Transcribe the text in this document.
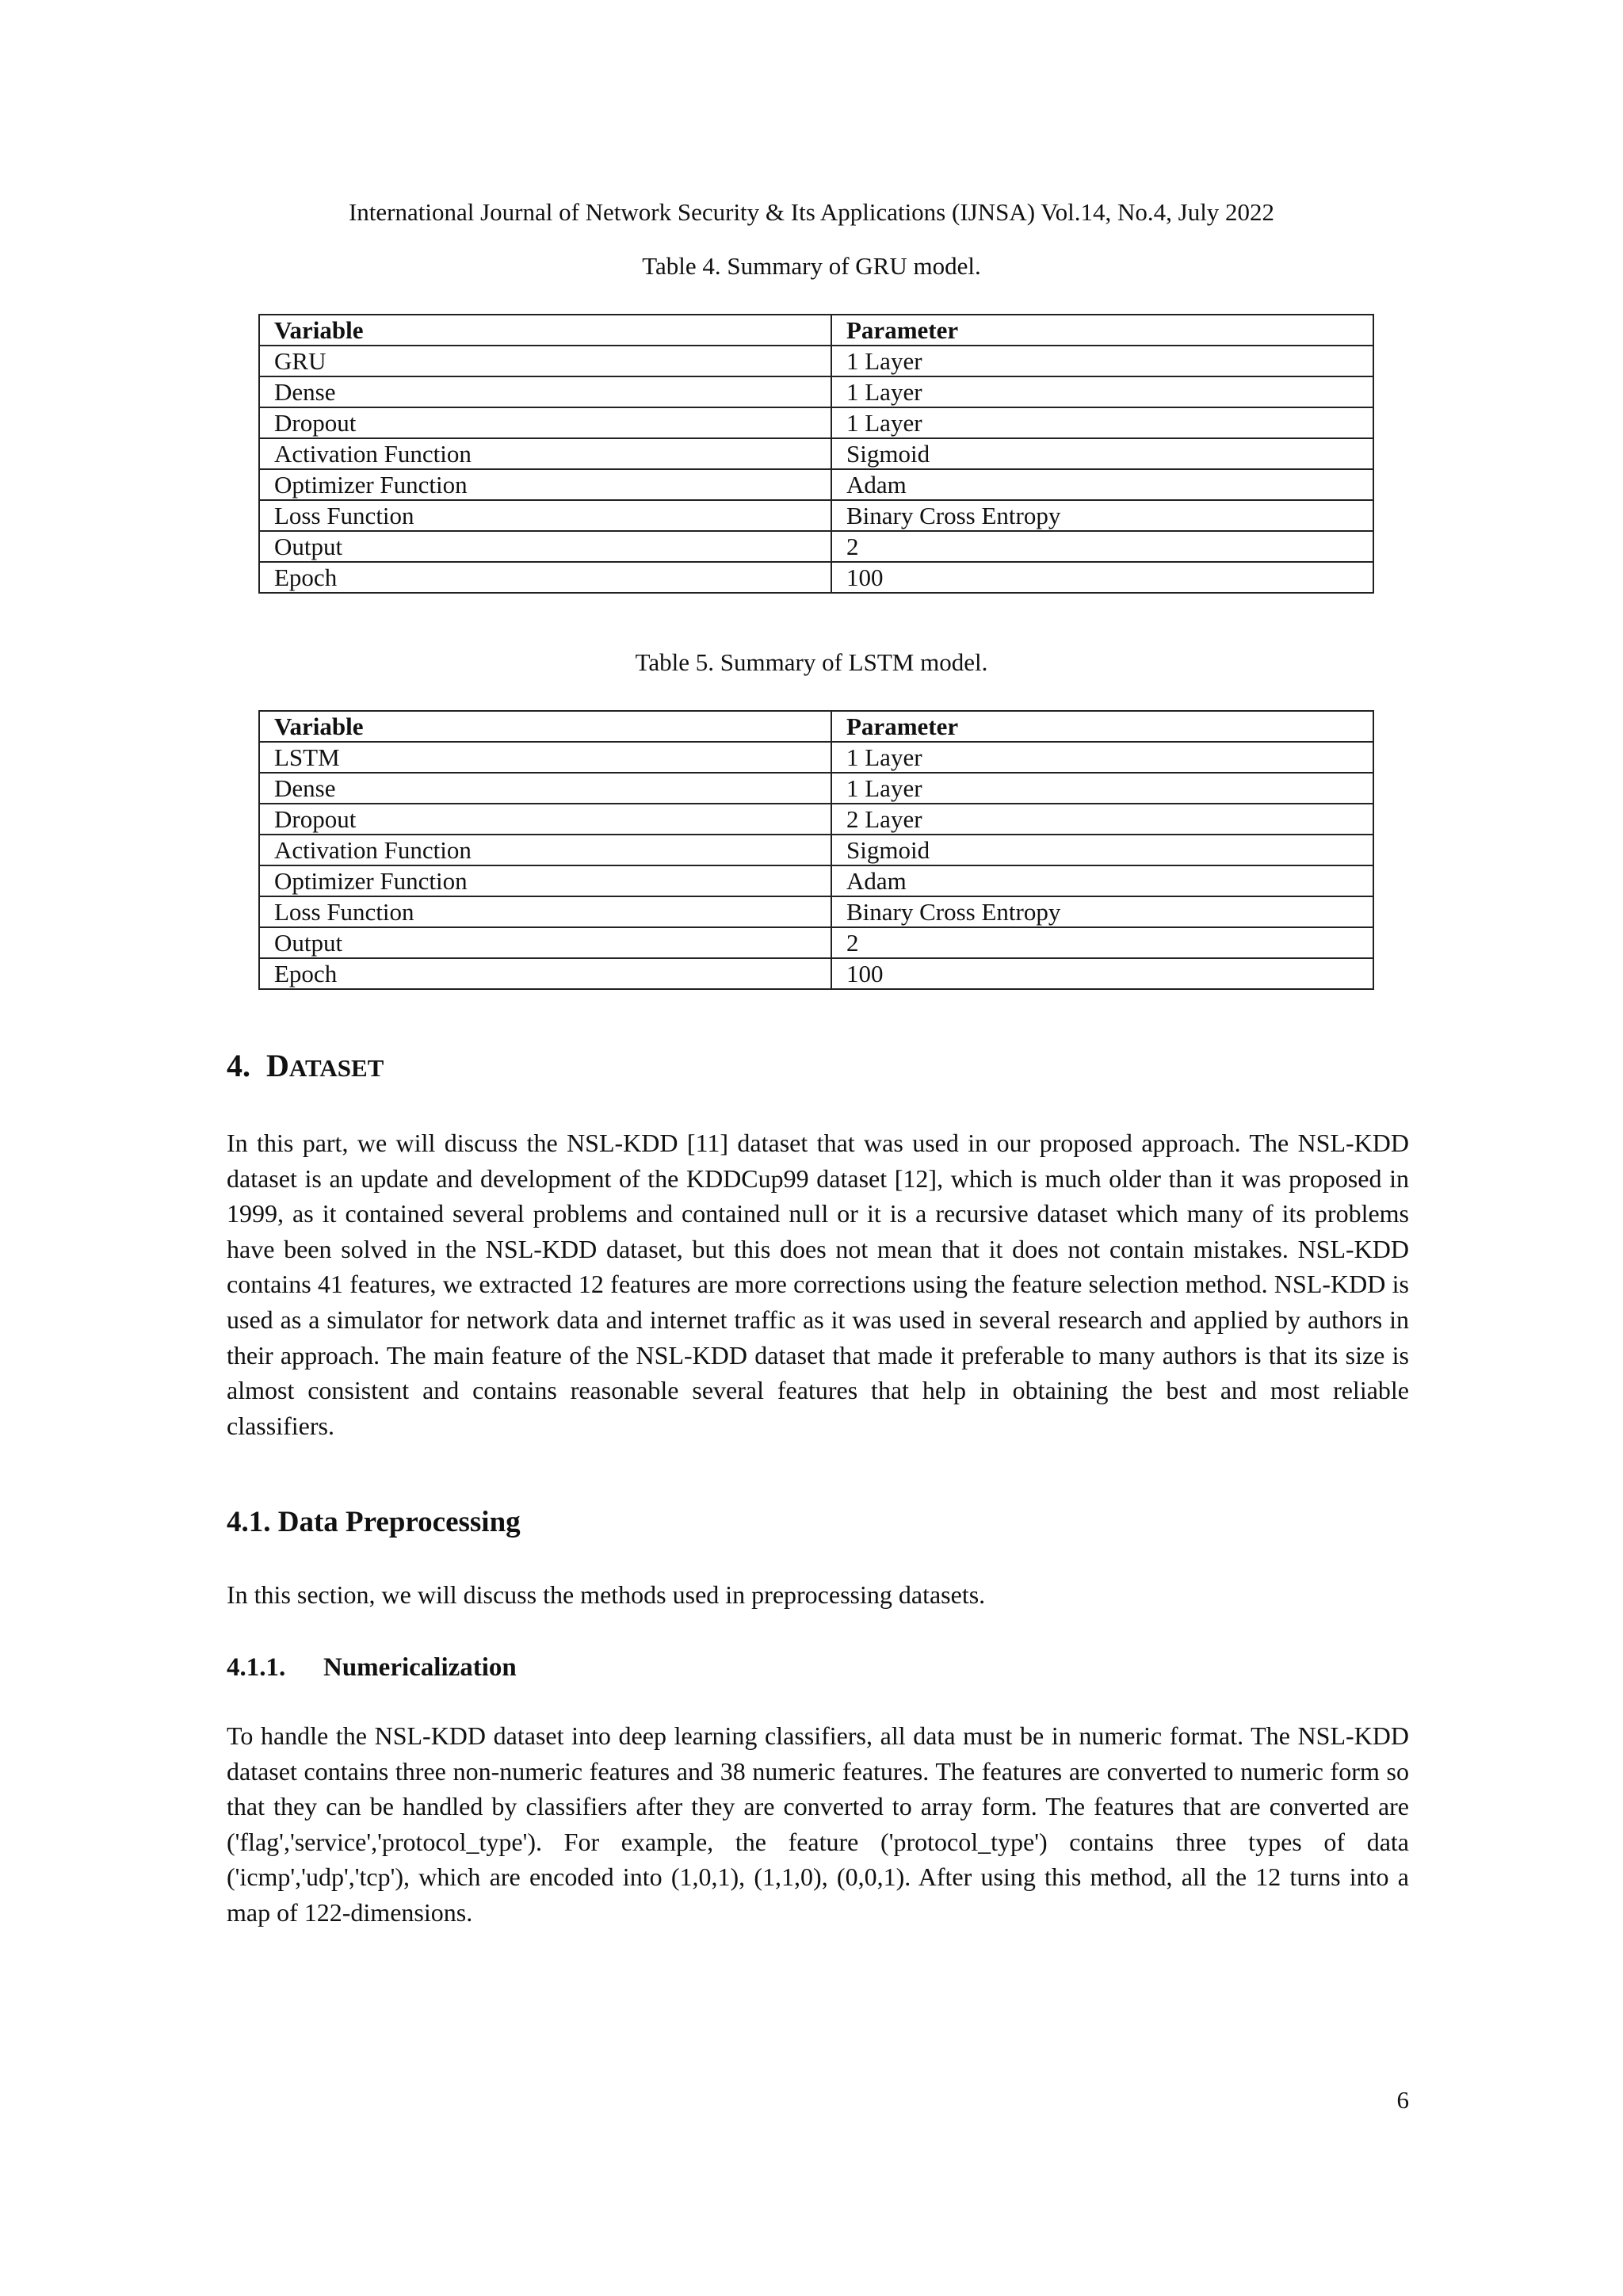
International Journal of Network Security & Its Applications (IJNSA) Vol.14, No.4, July 2022
Table 4. Summary of GRU model.
Variable	Parameter
GRU	1 Layer
Dense	1 Layer
Dropout	1 Layer
Activation Function	Sigmoid
Optimizer Function	Adam
Loss Function	Binary Cross Entropy
Output	2
Epoch	100
Table 5. Summary of LSTM model.
Variable	Parameter
LSTM	1 Layer
Dense	1 Layer
Dropout	2 Layer
Activation Function	Sigmoid
Optimizer Function	Adam
Loss Function	Binary Cross Entropy
Output	2
Epoch	100
4. DATASET
In this part, we will discuss the NSL-KDD [11] dataset that was used in our proposed approach. The NSL-KDD dataset is an update and development of the KDDCup99 dataset [12], which is much older than it was proposed in 1999, as it contained several problems and contained null or it is a recursive dataset which many of its problems have been solved in the NSL-KDD dataset, but this does not mean that it does not contain mistakes. NSL-KDD contains 41 features, we extracted 12 features are more corrections using the feature selection method. NSL-KDD is used as a simulator for network data and internet traffic as it was used in several research and applied by authors in their approach. The main feature of the NSL-KDD dataset that made it preferable to many authors is that its size is almost consistent and contains reasonable several features that help in obtaining the best and most reliable classifiers.
4.1. Data Preprocessing
In this section, we will discuss the methods used in preprocessing datasets.
4.1.1. Numericalization
To handle the NSL-KDD dataset into deep learning classifiers, all data must be in numeric format. The NSL-KDD dataset contains three non-numeric features and 38 numeric features. The features are converted to numeric form so that they can be handled by classifiers after they are converted to array form. The features that are converted are ('flag','service','protocol_type'). For example, the feature ('protocol_type') contains three types of data ('icmp','udp','tcp'), which are encoded into (1,0,1), (1,1,0), (0,0,1). After using this method, all the 12 turns into a map of 122-dimensions.
6
